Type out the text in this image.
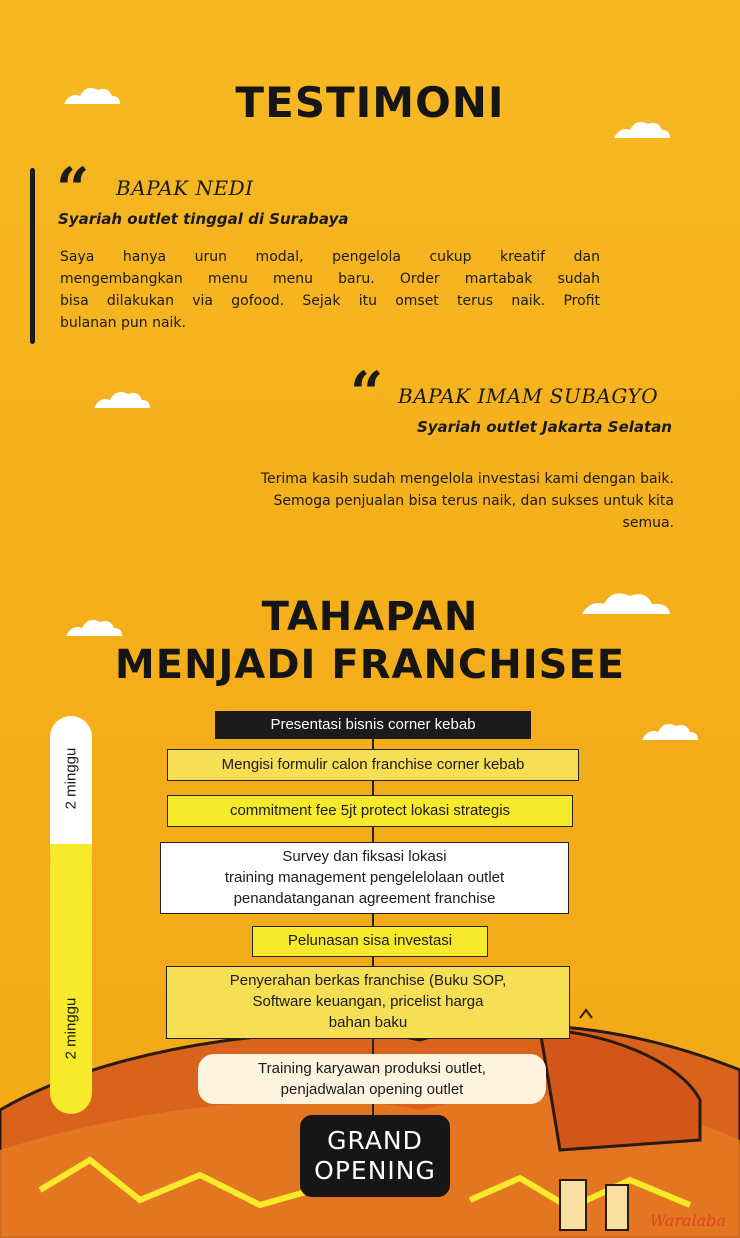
TESTIMONI
“ BAPAK NEDI
Syariah outlet tinggal di Surabaya

Saya hanya urun modal, pengelola cukup kreatif dan

mengembangkan menu menu baru. Order martabak sudah

bisa dilakukan via gofood. Sejak itu omset terus naik. Profit

bulanan pun naik.

“ BAPAK IMAM SUBAGYO
Syariah outlet Jakarta Selatan

Terima kasih sudah mengelola investasi kami dengan baik.

Semoga penjualan bisa terus naik, dan sukses untuk kita

semua.

TAHAPAN
MENJADI FRANCHISEE
2 minggu
2 minggu
Presentasi bisnis corner kebab
Mengisi formulir calon franchise corner kebab
commitment fee 5jt protect lokasi strategis
Survey dan fiksasi lokasi
training management pengelelolaan outlet
penandatanganan agreement franchise
Pelunasan sisa investasi
Penyerahan berkas franchise (Buku SOP,
Software keuangan, pricelist harga
bahan baku
Training karyawan produksi outlet,
penjadwalan opening outlet
GRAND
OPENING
Waralaba
